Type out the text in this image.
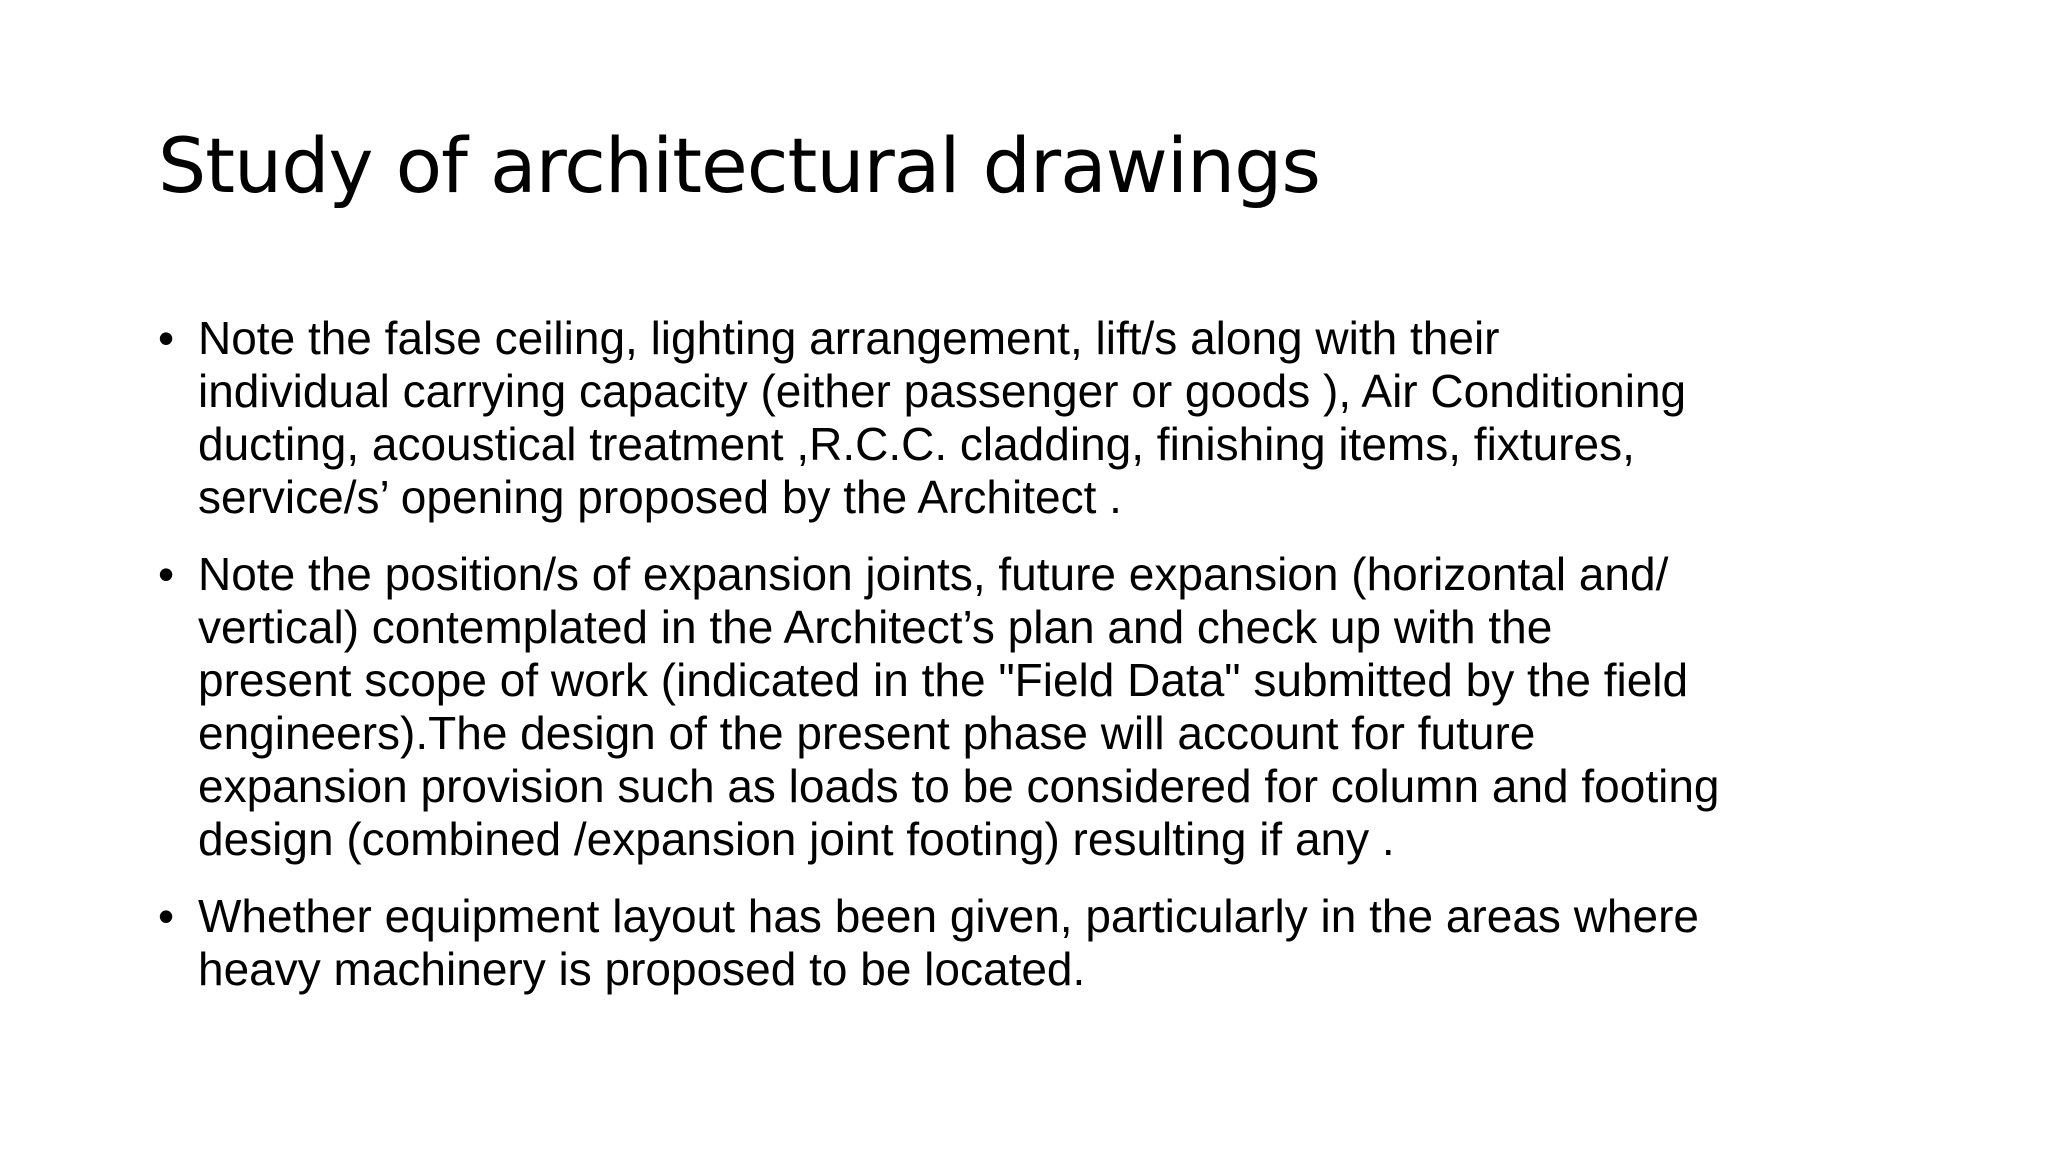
Study of architectural drawings
• Note the false ceiling, lighting arrangement, lift/s along with their
individual carrying capacity (either passenger or goods ), Air Conditioning
ducting, acoustical treatment ,R.C.C. cladding, finishing items, fixtures,
service/s’ opening proposed by the Architect .
• Note the position/s of expansion joints, future expansion (horizontal and/
vertical) contemplated in the Architect’s plan and check up with the
present scope of work (indicated in the "Field Data" submitted by the field
engineers).The design of the present phase will account for future
expansion provision such as loads to be considered for column and footing
design (combined /expansion joint footing) resulting if any .
• Whether equipment layout has been given, particularly in the areas where
heavy machinery is proposed to be located.
